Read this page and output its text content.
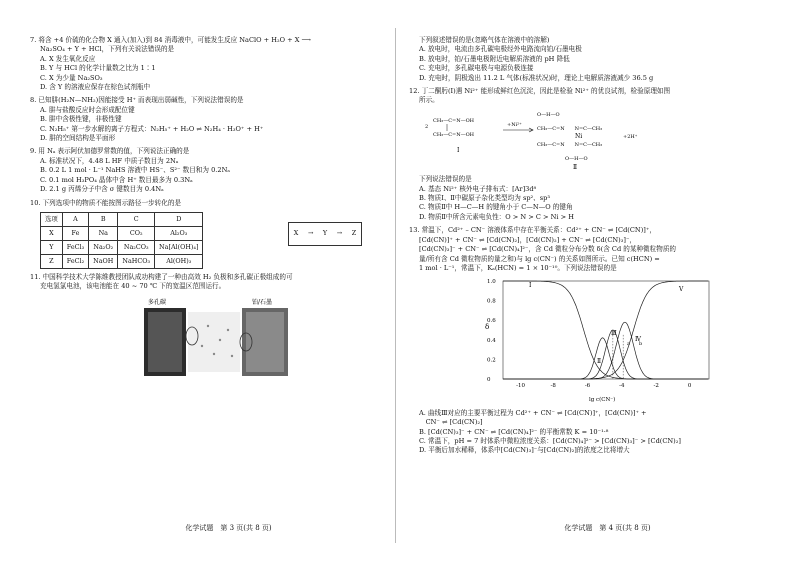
7. 将含 +4 价硫的化合物 X 通入(加入)到 84 消毒液中，可能发生反应 NaClO + H₂O + X ⟶

Na₂SO₄ + Y + HCl，下列有关说法错误的是

A. X 发生氧化反应

B. Y 与 HCl 的化学计量数之比为 1∶1

C. X 为少量 Na₂SO₃

D. 含 Y 的溶液应保存在棕色试剂瓶中

8. 已知肼(H₂N—NH₂)因能接受 H⁺ 而表现出弱碱性，下列说法错误的是

A. 肼与盐酸反应时会形成配位键

B. 肼中含极性键，非极性键

C. N₂H₅⁺ 第一步水解的离子方程式：N₂H₅⁺ + H₂O ⇌ N₂H₄ · H₃O⁺ + H⁺

D. 肼的空间结构是平面形

9. 用 Nₐ 表示阿伏加德罗常数的值，下列说法正确的是

A. 标准状况下，4.48 L HF 中质子数目为 2Nₐ

B. 0.2 L 1 mol · L⁻¹ NaHS 溶液中 HS⁻、S²⁻ 数目和为 0.2Nₐ

C. 0.1 mol H₃PO₄ 晶体中含 H⁺ 数目最多为 0.3Nₐ

D. 2.1 g 丙烯分子中含 σ 键数目为 0.4Nₐ

10. 下列选项中的物质不能按图示路径一步转化的是

选项	A	B	C	D
X	Fe	Na	CO₂	Al₂O₃
Y	FeCl₃	Na₂O₂	Na₂CO₃	Na[Al(OH)₄]
Z	FeCl₂	NaOH	NaHCO₃	Al(OH)₃
X → Y → Z

11. 中国科学技术大学陈维教授团队成功构建了一种由高效 H₂ 负极和多孔碳正极组成的可

充电氢氯电池，该电池能在 40 ~ 70 ℃ 下的宽温区范围运行。

多孔碳	铂/石墨
化学试题　第 3 页(共 8 页)

下列叙述错误的是(忽略气体在溶液中的溶解)

A. 放电时，电流由多孔碳电极经外电路流向铂/石墨电极

B. 放电时，铂/石墨电极附近电解质溶液的 pH 降低

C. 充电时，多孔碳电极与电源负极连接

D. 充电时，阴极逸出 11.2 L 气体(标准状况)时，理论上电解质溶液减少 36.5 g

12. 丁二酮肟(Ⅰ)遇 Ni²⁺ 能形成鲜红色沉淀，因此是检验 Ni²⁺ 的优良试剂，检验原理如图

所示。

2
CH₃—C=N—OH
CH₃—C=N—OH
Ⅰ
+Ni²⁺
O—H—O
CH₃—C=N　　N=C—CH₃
Ni
CH₃—C=N　　N=C—CH₃
O—H—O
Ⅱ
+2H⁺

下列说法错误的是

A. 基态 Ni²⁺ 核外电子排布式：[Ar]3d⁸

B. 物质Ⅰ、Ⅱ中碳原子杂化类型均为 sp²、sp³

C. 物质Ⅱ中 H—C—H 的键角小于 C—N—O 的键角

D. 物质Ⅱ中所含元素电负性：O > N > C > Ni > H

13. 常温下，Cd²⁺ – CN⁻ 溶液体系中存在平衡关系：Cd²⁺ + CN⁻ ⇌ [Cd(CN)]⁺，

[Cd(CN)]⁺ + CN⁻ ⇌ [Cd(CN)₂]，[Cd(CN)₂] + CN⁻ ⇌ [Cd(CN)₃]⁻，

[Cd(CN)₃]⁻ + CN⁻ ⇌ [Cd(CN)₄]²⁻，含 Cd 微粒分布分数 δ(含 Cd 的某种微粒物质的

量/所有含 Cd 微粒物质的量之和)与 lg c(CN⁻) 的关系如图所示。已知 c(HCN) =

1 mol · L⁻¹，常温下，Kₐ(HCN) = 1 × 10⁻¹⁰。下列说法错误的是

δ
lg c(CN⁻)
Ⅰ
Ⅱ
Ⅲ
Ⅳ
Ⅴ
a b
-10	-8	-6	-4	-2	0
0
0.2
0.4
0.6
0.8
1.0

A. 曲线Ⅲ对应的主要平衡过程为 Cd²⁺ + CN⁻ ⇌ [Cd(CN)]⁺，[Cd(CN)]⁺ +

　CN⁻ ⇌ [Cd(CN)₂]

B. [Cd(CN)₃]⁻ + CN⁻ ⇌ [Cd(CN)₄]²⁻ 的平衡常数 K = 10⁻¹·⁸

C. 常温下，pH = 7 时体系中微粒浓度关系：[Cd(CN)₄]²⁻ > [Cd(CN)₃]⁻ > [Cd(CN)₂]

D. 平衡后加水稀释，体系中[Cd(CN)₃]⁻与[Cd(CN)₂]的浓度之比将增大

化学试题　第 4 页(共 8 页)
